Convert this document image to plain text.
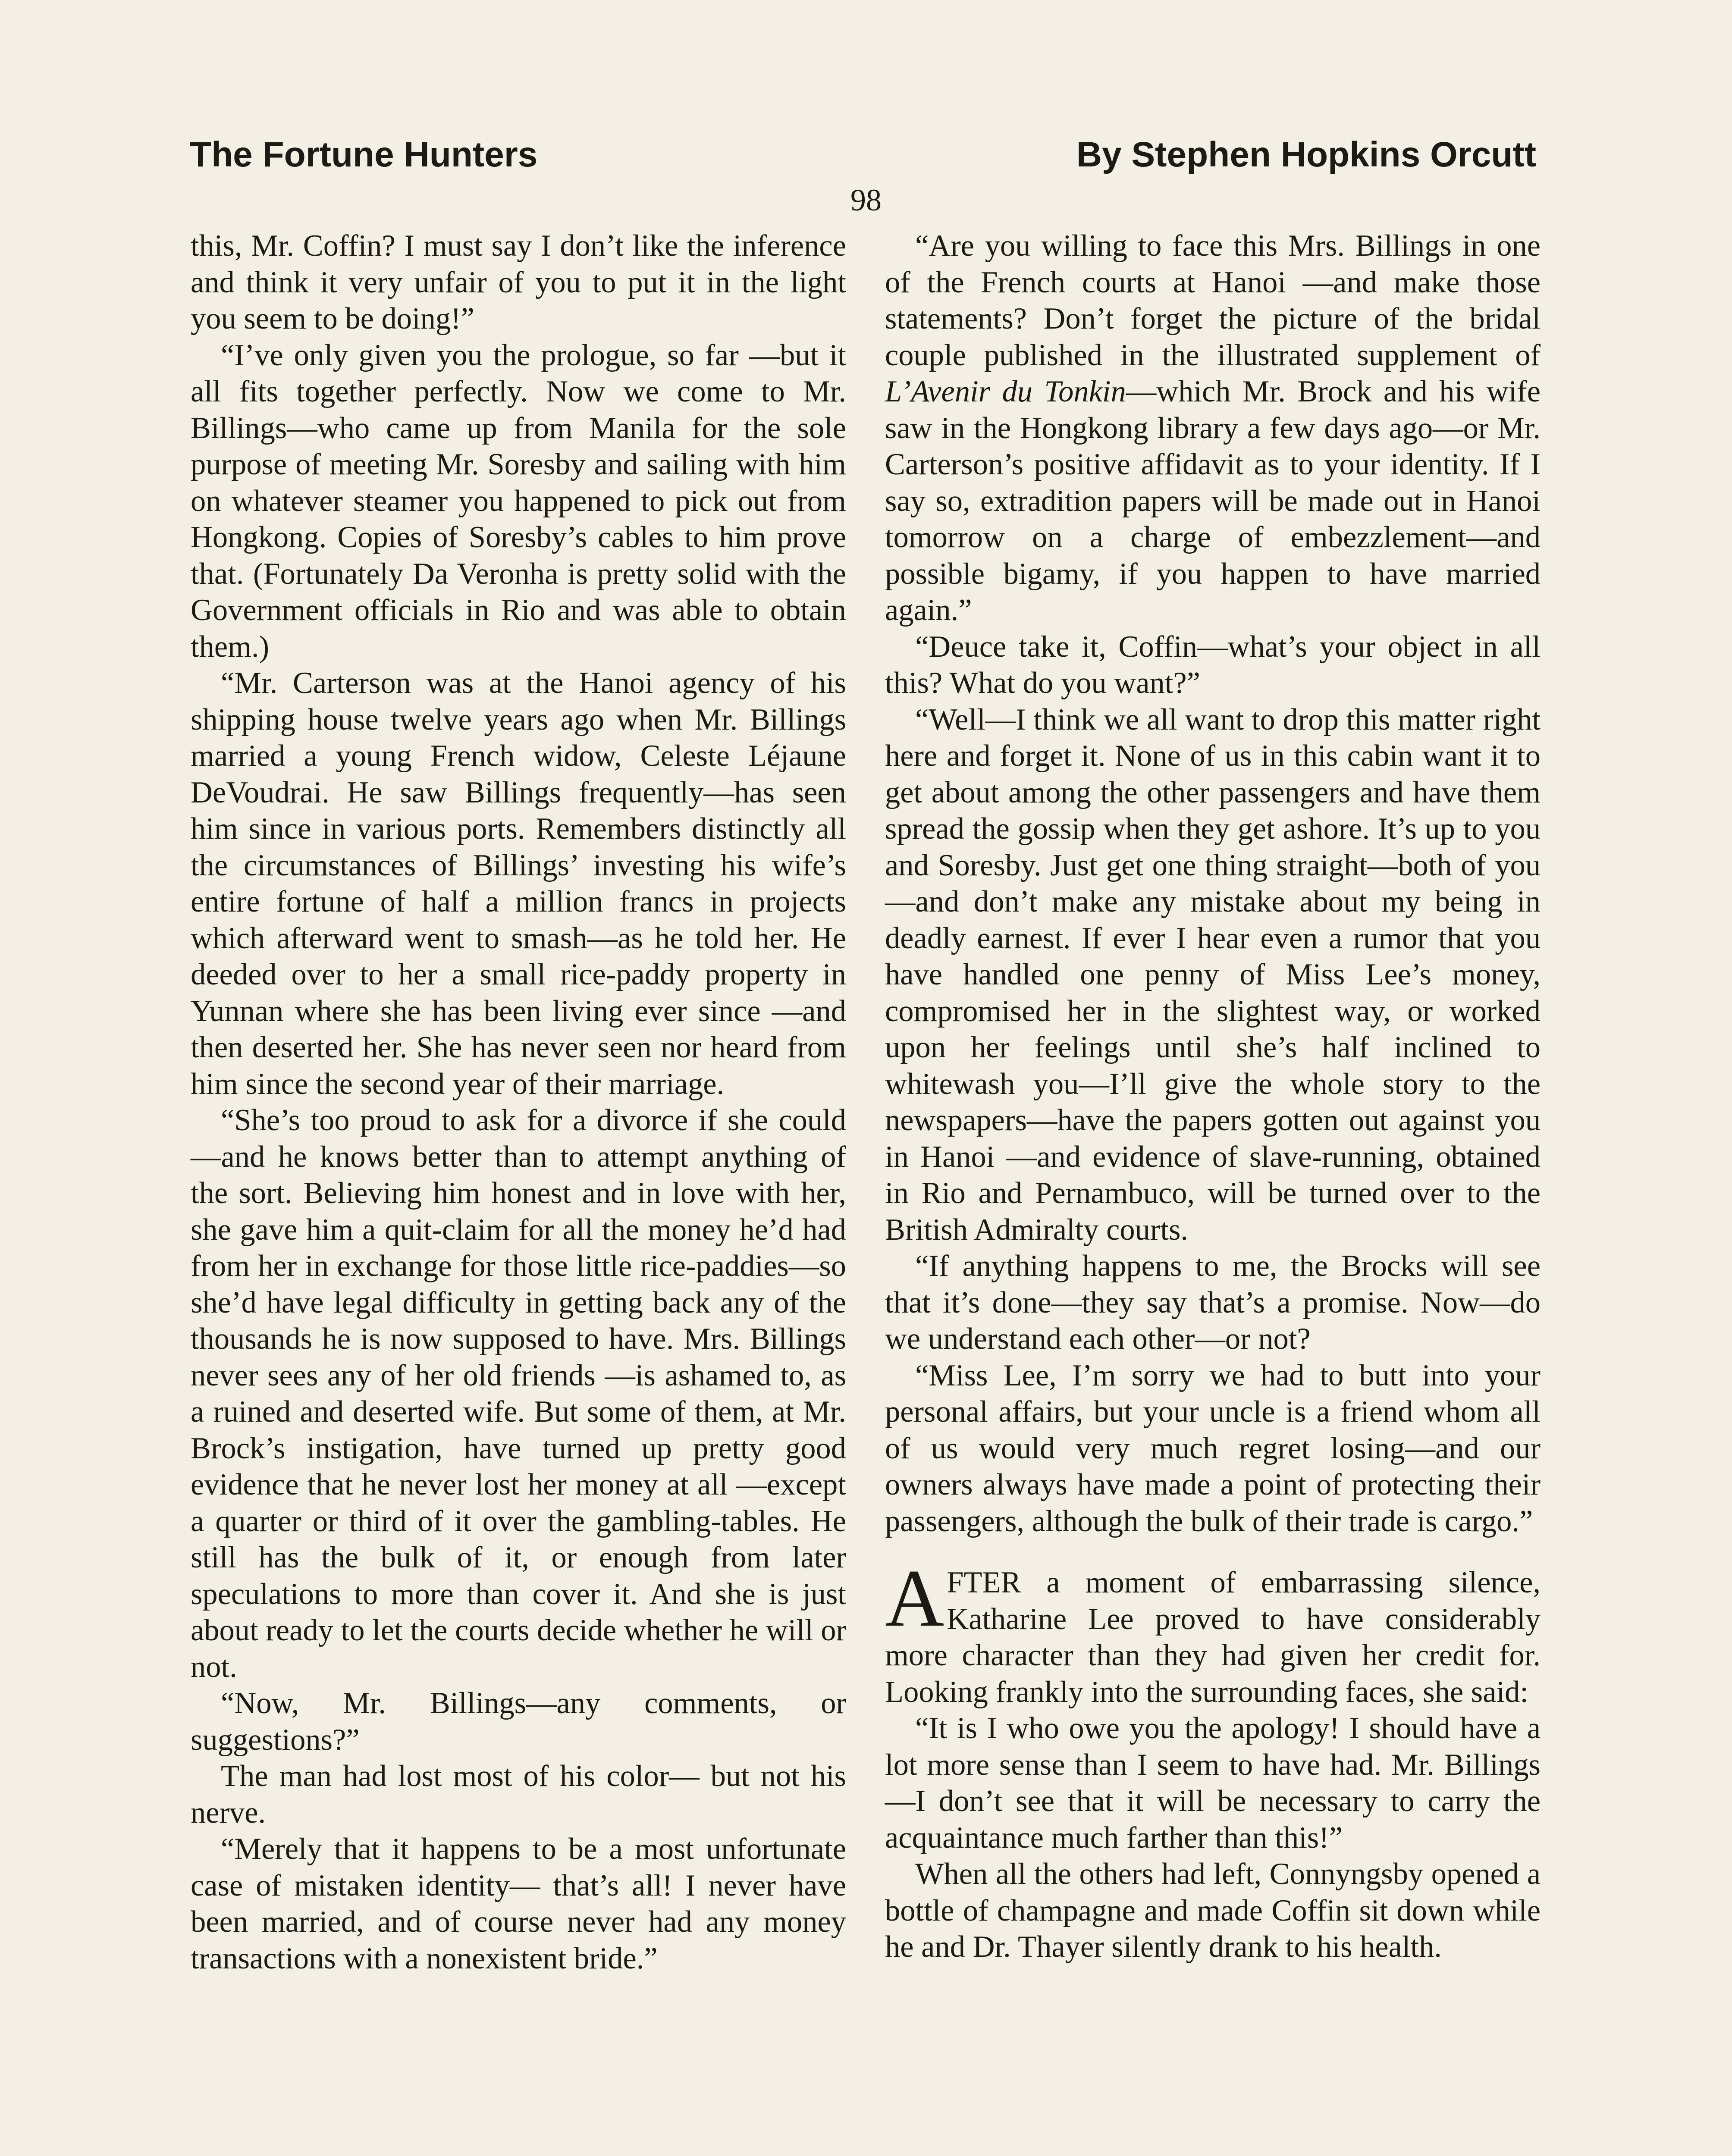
The Fortune Hunters	By Stephen Hopkins Orcutt
98

this, Mr. Coffin? I must say I don’t like the inference and think it very unfair of you to put it in the light you seem to be doing!”

“I’ve only given you the prologue, so far —but it all fits together perfectly. Now we come to Mr. Billings—who came up from Manila for the sole purpose of meeting Mr. Soresby and sailing with him on whatever steamer you happened to pick out from Hongkong. Copies of Soresby’s cables to him prove that. (Fortunately Da Veronha is pretty solid with the Government officials in Rio and was able to obtain them.)

“Mr. Carterson was at the Hanoi agency of his shipping house twelve years ago when Mr. Billings married a young French widow, Celeste Léjaune DeVoudrai. He saw Billings frequently—has seen him since in various ports. Remembers distinctly all the circumstances of Billings’ investing his wife’s entire fortune of half a million francs in projects which afterward went to smash—as he told her. He deeded over to her a small rice-paddy property in Yunnan where she has been living ever since —and then deserted her. She has never seen nor heard from him since the second year of their marriage.

“She’s too proud to ask for a divorce if she could—and he knows better than to attempt anything of the sort. Believing him honest and in love with her, she gave him a quit-claim for all the money he’d had from her in exchange for those little rice-paddies—so she’d have legal difficulty in getting back any of the thousands he is now supposed to have. Mrs. Billings never sees any of her old friends —is ashamed to, as a ruined and deserted wife. But some of them, at Mr. Brock’s instigation, have turned up pretty good evidence that he never lost her money at all —except a quarter or third of it over the gambling-tables. He still has the bulk of it, or enough from later speculations to more than cover it. And she is just about ready to let the courts decide whether he will or not.

“Now, Mr. Billings—any comments, or suggestions?”

The man had lost most of his color— but not his nerve.

“Merely that it happens to be a most unfortunate case of mistaken identity— that’s all! I never have been married, and of course never had any money transactions with a nonexistent bride.”

“Are you willing to face this Mrs. Billings in one of the French courts at Hanoi —and make those statements? Don’t forget the picture of the bridal couple published in the illustrated supplement of L’Avenir du Tonkin—which Mr. Brock and his wife saw in the Hongkong library a few days ago—or Mr. Carterson’s positive affidavit as to your identity. If I say so, extradition papers will be made out in Hanoi tomorrow on a charge of embezzlement—and possible bigamy, if you happen to have married again.”

“Deuce take it, Coffin—what’s your object in all this? What do you want?”

“Well—I think we all want to drop this matter right here and forget it. None of us in this cabin want it to get about among the other passengers and have them spread the gossip when they get ashore. It’s up to you and Soresby. Just get one thing straight—both of you—and don’t make any mistake about my being in deadly earnest. If ever I hear even a rumor that you have handled one penny of Miss Lee’s money, compromised her in the slightest way, or worked upon her feelings until she’s half inclined to whitewash you—I’ll give the whole story to the newspapers—have the papers gotten out against you in Hanoi —and evidence of slave-running, obtained in Rio and Pernambuco, will be turned over to the British Admiralty courts.

“If anything happens to me, the Brocks will see that it’s done—they say that’s a promise. Now—do we understand each other—or not?

“Miss Lee, I’m sorry we had to butt into your personal affairs, but your uncle is a friend whom all of us would very much regret losing—and our owners always have made a point of protecting their passengers, although the bulk of their trade is cargo.”

AFTER a moment of embarrassing silence, Katharine Lee proved to have considerably more character than they had given her credit for. Looking frankly into the surrounding faces, she said:

“It is I who owe you the apology! I should have a lot more sense than I seem to have had. Mr. Billings—I don’t see that it will be necessary to carry the acquaintance much farther than this!”

When all the others had left, Connyngsby opened a bottle of champagne and made Coffin sit down while he and Dr. Thayer silently drank to his health.
